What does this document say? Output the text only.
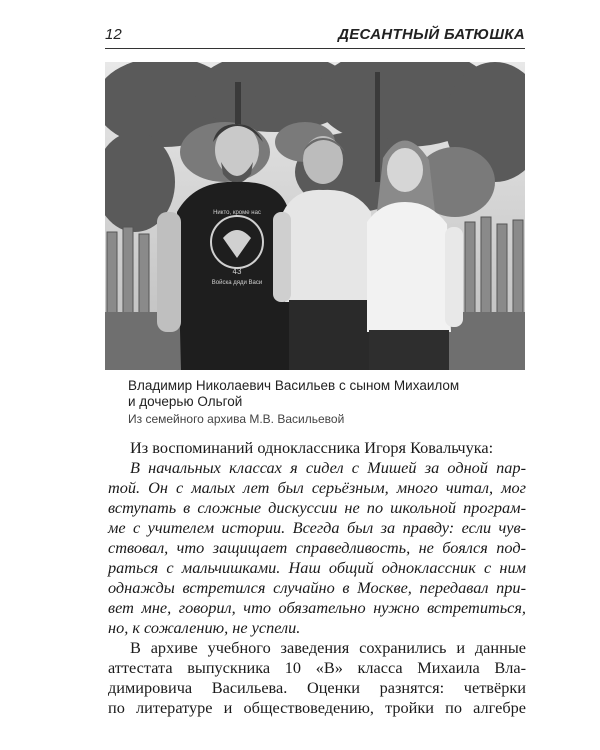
12	ДЕСАНТНЫЙ БАТЮШКА
43
Никто, кроме нас
Войска дяди Васи
Владимир Николаевич Васильев с сыном Михаилом
и дочерью Ольгой
Из семейного архива М.В. Васильевой

Из воспоминаний одноклассника Игоря Ковальчука:

В начальных классах я сидел с Мишей за одной пар-
той. Он с малых лет был серьёзным, много читал, мог
вступать в сложные дискуссии не по школьной програм-
ме с учителем истории. Всегда был за правду: если чув-
ствовал, что защищает справедливость, не боялся под-
раться с мальчишками. Наш общий одноклассник с ним
однажды встретился случайно в Москве, передавал при-
вет мне, говорил, что обязательно нужно встретиться,
но, к сожалению, не успели.

В архиве учебного заведения сохранились и данные
аттестата выпускника 10 «В» класса Михаила Вла-
димировича Васильева. Оценки разнятся: четвёрки
по литературе и обществоведению, тройки по алгебре
